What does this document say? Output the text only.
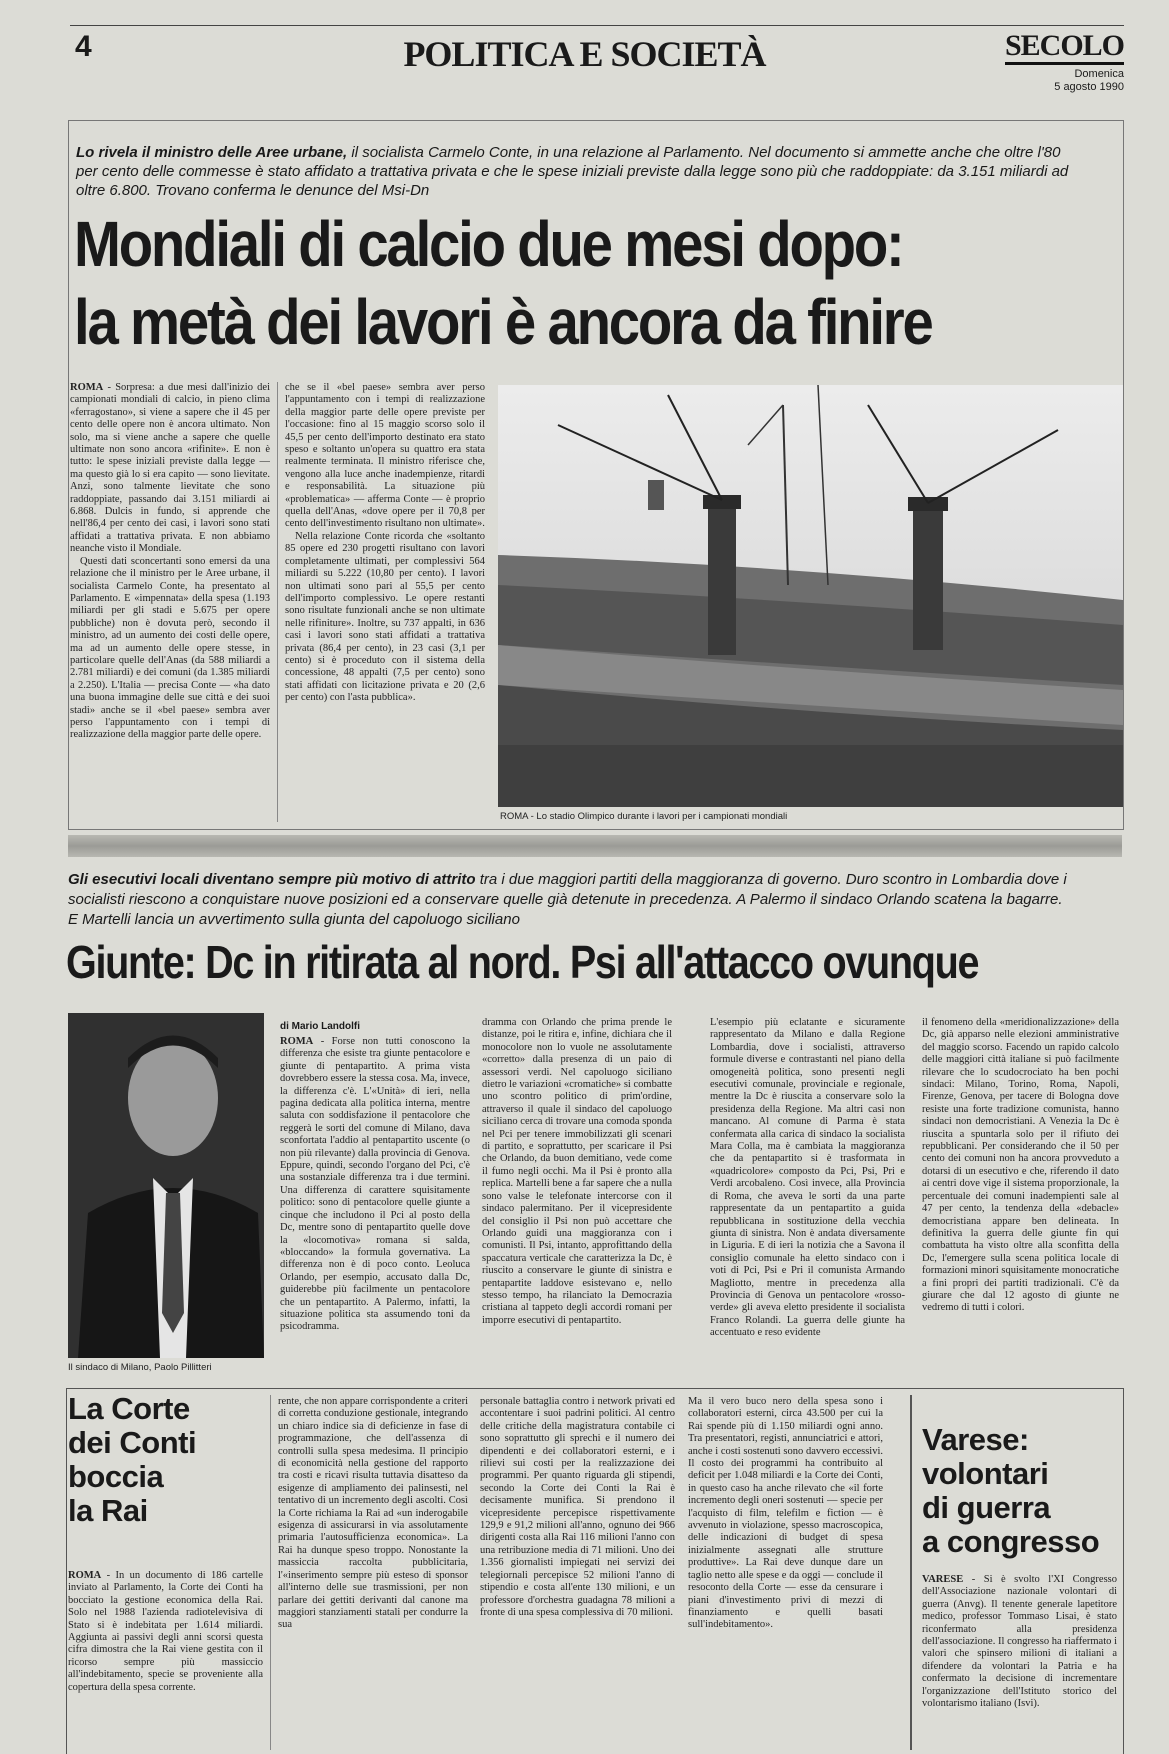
4	POLITICA E SOCIETÀ	SECOLO
Domenica
5 agosto 1990
Lo rivela il ministro delle Aree urbane, il socialista Carmelo Conte, in una relazione al Parlamento. Nel documento si ammette anche che oltre l'80 per cento delle commesse è stato affidato a trattativa privata e che le spese iniziali previste dalla legge sono più che raddoppiate: da 3.151 miliardi ad oltre 6.800. Trovano conferma le denunce del Msi-Dn
Mondiali di calcio due mesi dopo:
la metà dei lavori è ancora da finire
ROMA - Sorpresa: a due mesi dall'inizio dei campionati mondiali di calcio, in pieno clima «ferragostano», si viene a sapere che il 45 per cento delle opere non è ancora ultimato. Non solo, ma si viene anche a sapere che quelle ultimate non sono ancora «rifinite». E non è tutto: le spese iniziali previste dalla legge — ma questo già lo si era capito — sono lievitate. Anzi, sono talmente lievitate che sono raddoppiate, passando dai 3.151 miliardi ai 6.868. Dulcis in fundo, si apprende che nell'86,4 per cento dei casi, i lavori sono stati affidati a trattativa privata. E non abbiamo neanche visto il Mondiale.
Questi dati sconcertanti sono emersi da una relazione che il ministro per le Aree urbane, il socialista Carmelo Conte, ha presentato al Parlamento. E «impennata» della spesa (1.193 miliardi per gli stadi e 5.675 per opere pubbliche) non è dovuta però, secondo il ministro, ad un aumento dei costi delle opere, ma ad un aumento delle opere stesse, in particolare quelle dell'Anas (da 588 miliardi a 2.781 miliardi) e dei comuni (da 1.385 miliardi a 2.250). L'Italia — precisa Conte — «ha dato una buona immagine delle sue città e dei suoi stadi» anche se il «bel paese» sembra aver perso l'appuntamento con i tempi di realizzazione della maggior parte delle opere.
che se il «bel paese» sembra aver perso l'appuntamento con i tempi di realizzazione della maggior parte delle opere previste per l'occasione: fino al 15 maggio scorso solo il 45,5 per cento dell'importo destinato era stato speso e soltanto un'opera su quattro era stata realmente terminata. Il ministro riferisce che, vengono alla luce anche inadempienze, ritardi e responsabilità. La situazione più «problematica» — afferma Conte — è proprio quella dell'Anas, «dove opere per il 70,8 per cento dell'investimento risultano non ultimate».
Nella relazione Conte ricorda che «soltanto 85 opere ed 230 progetti risultano con lavori completamente ultimati, per complessivi 564 miliardi su 5.222 (10,80 per cento). I lavori non ultimati sono pari al 55,5 per cento dell'importo complessivo. Le opere restanti sono risultate funzionali anche se non ultimate nelle rifiniture». Inoltre, su 737 appalti, in 636 casi i lavori sono stati affidati a trattativa privata (86,4 per cento), in 23 casi (3,1 per cento) si è proceduto con il sistema della concessione, 48 appalti (7,5 per cento) sono stati affidati con licitazione privata e 20 (2,6 per cento) con l'asta pubblica».
ROMA - Lo stadio Olimpico durante i lavori per i campionati mondiali
Gli esecutivi locali diventano sempre più motivo di attrito tra i due maggiori partiti della maggioranza di governo. Duro scontro in Lombardia dove i socialisti riescono a conquistare nuove posizioni ed a conservare quelle già detenute in precedenza. A Palermo il sindaco Orlando scatena la bagarre. E Martelli lancia un avvertimento sulla giunta del capoluogo siciliano
Giunte: Dc in ritirata al nord. Psi all'attacco ovunque
Il sindaco di Milano, Paolo Pillitteri
di Mario Landolfi
ROMA - Forse non tutti conoscono la differenza che esiste tra giunte pentacolore e giunte di pentapartito. A prima vista dovrebbero essere la stessa cosa. Ma, invece, la differenza c'è. L'«Unità» di ieri, nella pagina dedicata alla politica interna, mentre saluta con soddisfazione il pentacolore che reggerà le sorti del comune di Milano, dava sconfortata l'addio al pentapartito uscente (o non più rilevante) dalla provincia di Genova. Eppure, quindi, secondo l'organo del Pci, c'è una sostanziale differenza tra i due termini. Una differenza di carattere squisitamente politico: sono di pentacolore quelle giunte a cinque che includono il Pci al posto della Dc, mentre sono di pentapartito quelle dove la «locomotiva» romana si salda, «bloccando» la formula governativa. La differenza non è di poco conto. Leoluca Orlando, per esempio, accusato dalla Dc, guiderebbe più facilmente un pentacolore che un pentapartito. A Palermo, infatti, la situazione politica sta assumendo toni da psicodramma.
dramma con Orlando che prima prende le distanze, poi le ritira e, infine, dichiara che il monocolore non lo vuole ne assolutamente «corretto» dalla presenza di un paio di assessori verdi. Nel capoluogo siciliano dietro le variazioni «cromatiche» si combatte uno scontro politico di prim'ordine, attraverso il quale il sindaco del capoluogo siciliano cerca di trovare una comoda sponda nel Pci per tenere immobilizzati gli scenari di partito, e soprattutto, per scaricare il Psi che Orlando, da buon demitiano, vede come il fumo negli occhi. Ma il Psi è pronto alla replica. Martelli bene a far sapere che a nulla sono valse le telefonate intercorse con il sindaco palermitano. Per il vicepresidente del consiglio il Psi non può accettare che Orlando guidi una maggioranza con i comunisti. Il Psi, intanto, approfittando della spaccatura verticale che caratterizza la Dc, è riuscito a conservare le giunte di sinistra e pentapartite laddove esistevano e, nello stesso tempo, ha rilanciato la Democrazia cristiana al tappeto degli accordi romani per imporre esecutivi di pentapartito.
L'esempio più eclatante e sicuramente rappresentato da Milano e dalla Regione Lombardia, dove i socialisti, attraverso formule diverse e contrastanti nel piano della omogeneità politica, sono presenti negli esecutivi comunale, provinciale e regionale, mentre la Dc è riuscita a conservare solo la presidenza della Regione. Ma altri casi non mancano. Al comune di Parma è stata confermata alla carica di sindaco la socialista Mara Colla, ma è cambiata la maggioranza che da pentapartito si è trasformata in «quadricolore» composto da Pci, Psi, Pri e Verdi arcobaleno. Così invece, alla Provincia di Roma, che aveva le sorti da una parte rappresentate da un pentapartito a guida repubblicana in sostituzione della vecchia giunta di sinistra. Non è andata diversamente in Liguria. E di ieri la notizia che a Savona il consiglio comunale ha eletto sindaco con i voti di Pci, Psi e Pri il comunista Armando Magliotto, mentre in precedenza alla Provincia di Genova un pentacolore «rosso-verde» gli aveva eletto presidente il socialista Franco Rolandi. La guerra delle giunte ha accentuato e reso evidente
il fenomeno della «meridionalizzazione» della Dc, già apparso nelle elezioni amministrative del maggio scorso. Facendo un rapido calcolo delle maggiori città italiane si può facilmente rilevare che lo scudocrociato ha ben pochi sindaci: Milano, Torino, Roma, Napoli, Firenze, Genova, per tacere di Bologna dove resiste una forte tradizione comunista, hanno sindaci non democristiani. A Venezia la Dc è riuscita a spuntarla solo per il rifiuto dei repubblicani. Per considerando che il 50 per cento dei comuni non ha ancora provveduto a dotarsi di un esecutivo e che, riferendo il dato ai centri dove vige il sistema proporzionale, la percentuale dei comuni inadempienti sale al 47 per cento, la tendenza della «debacle» democristiana appare ben delineata. In definitiva la guerra delle giunte fin qui combattuta ha visto oltre alla sconfitta della Dc, l'emergere sulla scena politica locale di formazioni minori squisitamente monocratiche a fini propri dei partiti tradizionali. C'è da giurare che dal 12 agosto di giunte ne vedremo di tutti i colori.
La Corte
dei Conti
boccia
la Rai
ROMA - In un documento di 186 cartelle inviato al Parlamento, la Corte dei Conti ha bocciato la gestione economica della Rai. Solo nel 1988 l'azienda radiotelevisiva di Stato si è indebitata per 1.614 miliardi. Aggiunta ai passivi degli anni scorsi questa cifra dimostra che la Rai viene gestita con il ricorso sempre più massiccio all'indebitamento, specie se proveniente alla copertura della spesa corrente.
rente, che non appare corrispondente a criteri di corretta conduzione gestionale, integrando un chiaro indice sia di deficienze in fase di programmazione, che dell'assenza di controlli sulla spesa medesima. Il principio di economicità nella gestione del rapporto tra costi e ricavi risulta tuttavia disatteso da esigenze di ampliamento dei palinsesti, nel tentativo di un incremento degli ascolti. Così la Corte richiama la Rai ad «un inderogabile esigenza di assicurarsi in via assolutamente primaria l'autosufficienza economica». La Rai ha dunque speso troppo. Nonostante la massiccia raccolta pubblicitaria, l'«inserimento sempre più esteso di sponsor all'interno delle sue trasmissioni, per non parlare dei gettiti derivanti dal canone ma maggiori stanziamenti statali per condurre la sua
personale battaglia contro i network privati ed accontentare i suoi padrini politici. Al centro delle critiche della magistratura contabile ci sono soprattutto gli sprechi e il numero dei dipendenti e dei collaboratori esterni, e i rilievi sui costi per la realizzazione dei programmi. Per quanto riguarda gli stipendi, secondo la Corte dei Conti la Rai è decisamente munifica. Si prendono il vicepresidente percepisce rispettivamente 129,9 e 91,2 milioni all'anno, ognuno dei 966 dirigenti costa alla Rai 116 milioni l'anno con una retribuzione media di 71 milioni. Uno dei 1.356 giornalisti impiegati nei servizi dei telegiornali percepisce 52 milioni l'anno di stipendio e costa all'ente 130 milioni, e un professore d'orchestra guadagna 78 milioni a fronte di una spesa complessiva di 70 milioni.
Ma il vero buco nero della spesa sono i collaboratori esterni, circa 43.500 per cui la Rai spende più di 1.150 miliardi ogni anno. Tra presentatori, registi, annunciatrici e attori, anche i costi sostenuti sono davvero eccessivi. Il costo dei programmi ha contribuito al deficit per 1.048 miliardi e la Corte dei Conti, in questo caso ha anche rilevato che «il forte incremento degli oneri sostenuti — specie per l'acquisto di film, telefilm e fiction — è avvenuto in violazione, spesso macroscopica, delle indicazioni di budget di spesa inizialmente assegnati alle strutture produttive». La Rai deve dunque dare un taglio netto alle spese e da oggi — conclude il resoconto della Corte — esse da censurare i piani d'investimento privi di mezzi di finanziamento e quelli basati sull'indebitamento».
Varese:
volontari
di guerra
a congresso
VARESE - Si è svolto l'XI Congresso dell'Associazione nazionale volontari di guerra (Anvg). Il tenente generale lapetitore medico, professor Tommaso Lisai, è stato riconfermato alla presidenza dell'associazione. Il congresso ha riaffermato i valori che spinsero milioni di italiani a difendere da volontari la Patria e ha confermato la decisione di incrementare l'organizzazione dell'Istituto storico del volontarismo italiano (Isvi).
